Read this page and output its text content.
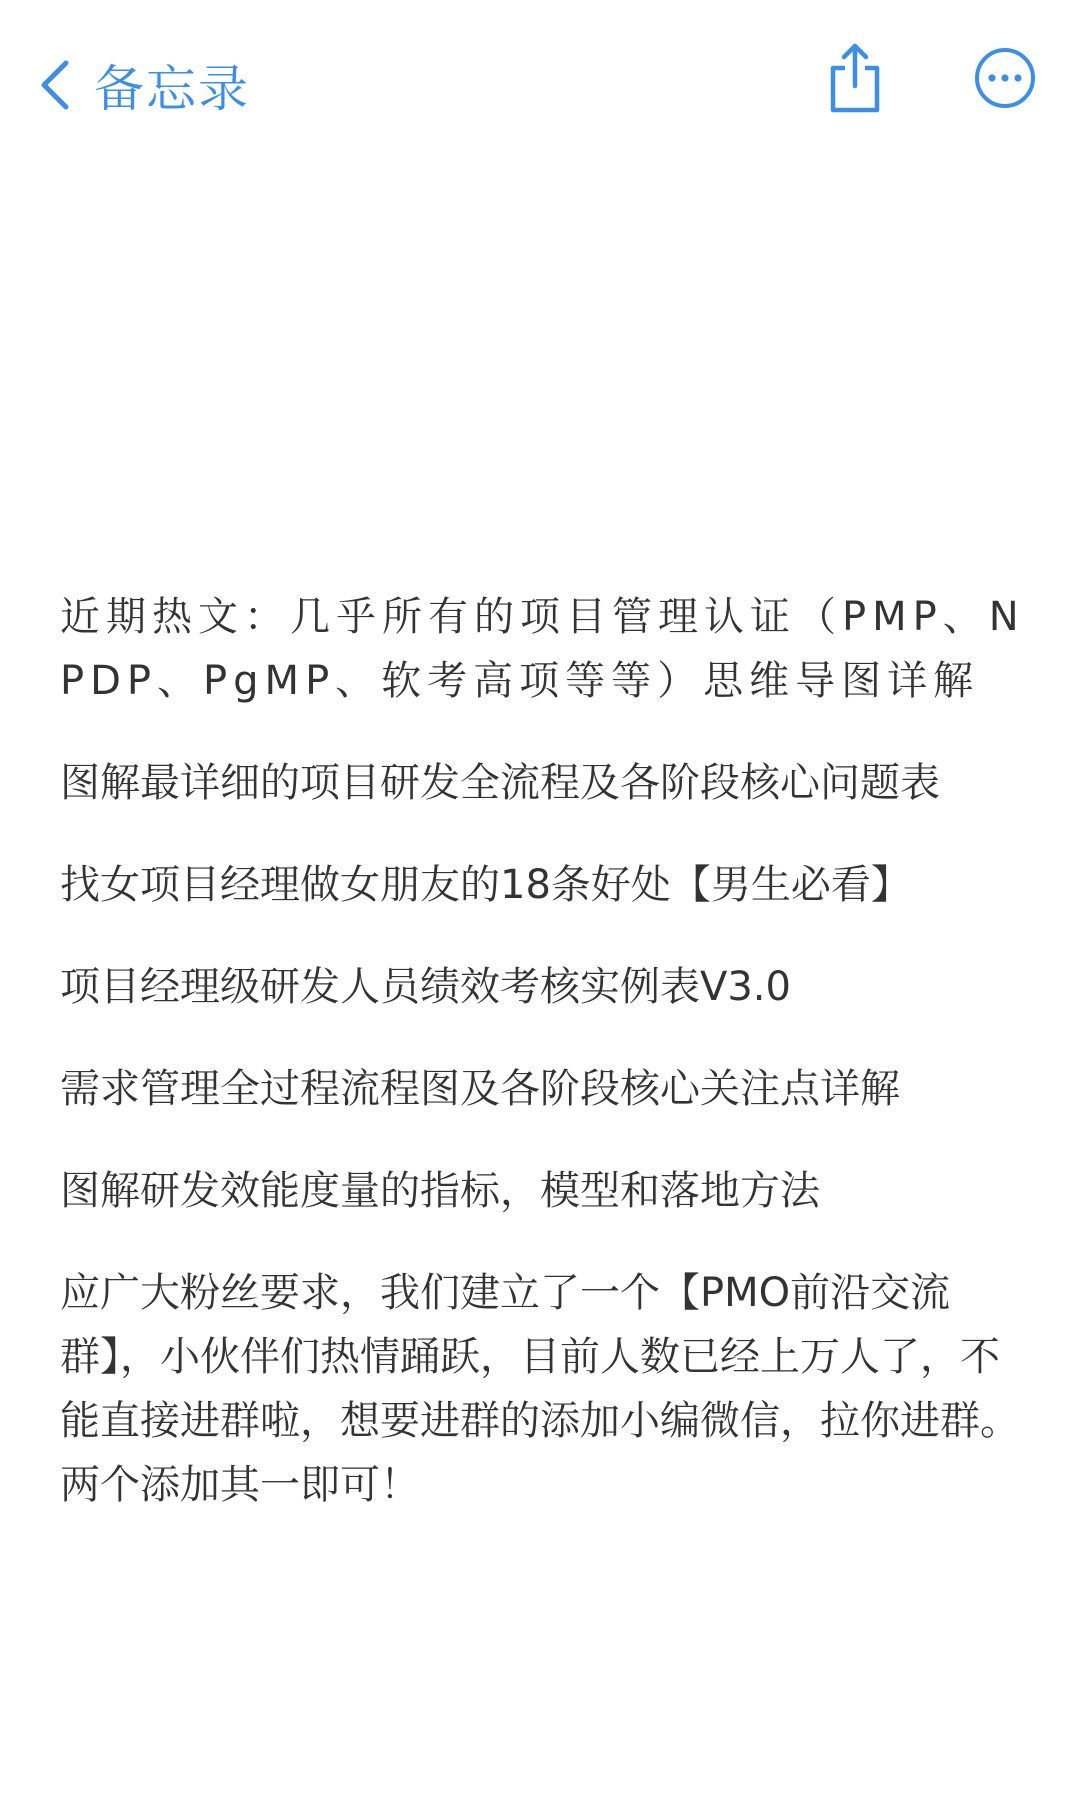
备忘录

近期热文：几乎所有的项目管理认证（PMP、NPDP、PgMP、软考高项等等）思维导图详解

图解最详细的项目研发全流程及各阶段核心问题表

找女项目经理做女朋友的18条好处【男生必看】

项目经理级研发人员绩效考核实例表V3.0

需求管理全过程流程图及各阶段核心关注点详解

图解研发效能度量的指标，模型和落地方法

应广大粉丝要求，我们建立了一个【PMO前沿交流群】，小伙伴们热情踊跃，目前人数已经上万人了，不能直接进群啦，想要进群的添加小编微信，拉你进群。两个添加其一即可！
